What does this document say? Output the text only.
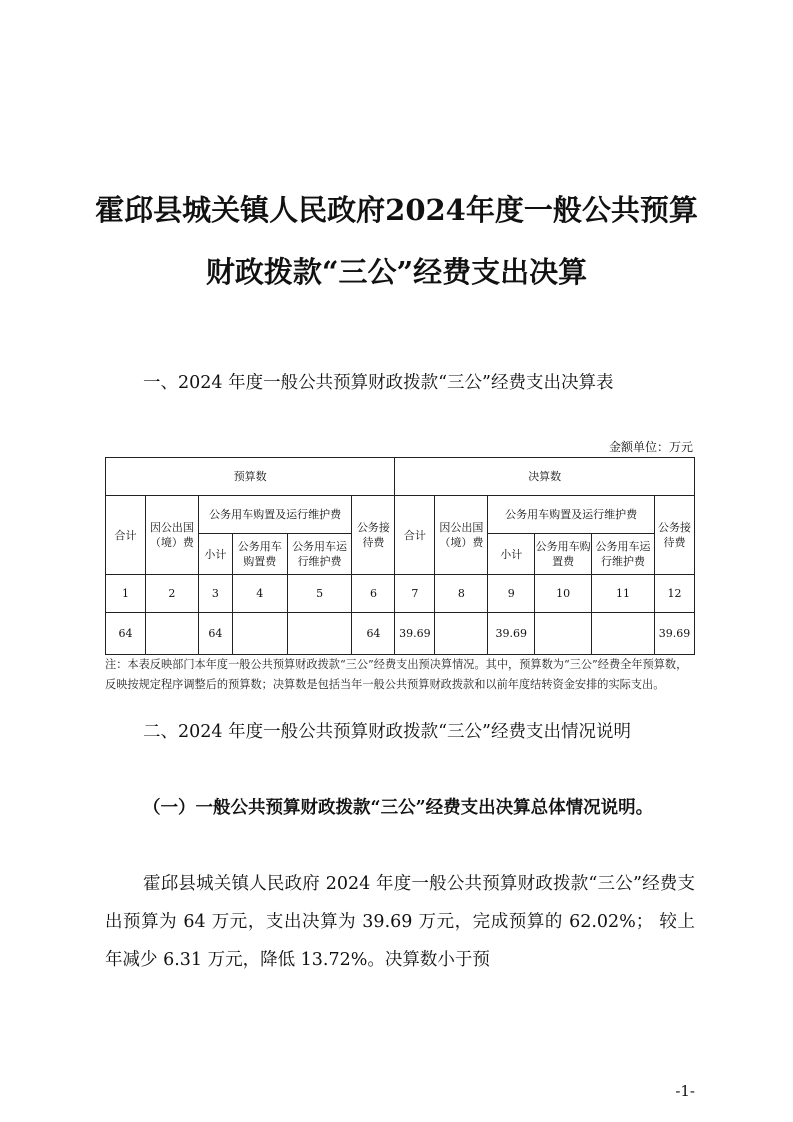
霍邱县城关镇人民政府2024年度一般公共预算
财政拨款“三公”经费支出决算
一、2024 年度一般公共预算财政拨款“三公”经费支出决算表
金额单位：万元
预算数						决算数					
合计	因公出国（境）费	公务用车购置及运行维护费			公务接待费	合计	因公出国（境）费	公务用车购置及运行维护费			公务接待费
		小计	公务用车购置费	公务用车运行维护费				小计	公务用车购置费	公务用车运行维护费	
1	2	3	4	5	6	7	8	9	10	11	12
64		64			64	39.69		39.69			39.69
注：本表反映部门本年度一般公共预算财政拨款“三公”经费支出预决算情况。其中，预算数为“三公”经费全年预算数，反映按规定程序调整后的预算数；决算数是包括当年一般公共预算财政拨款和以前年度结转资金安排的实际支出。
二、2024 年度一般公共预算财政拨款“三公”经费支出情况说明
（一）一般公共预算财政拨款“三公”经费支出决算总体情况说明。
霍邱县城关镇人民政府 2024 年度一般公共预算财政拨款“三公”经费支出预算为 64 万元，支出决算为 39.69 万元，完成预算的 62.02%； 较上年减少 6.31 万元，降低 13.72%。决算数小于预
-1-
